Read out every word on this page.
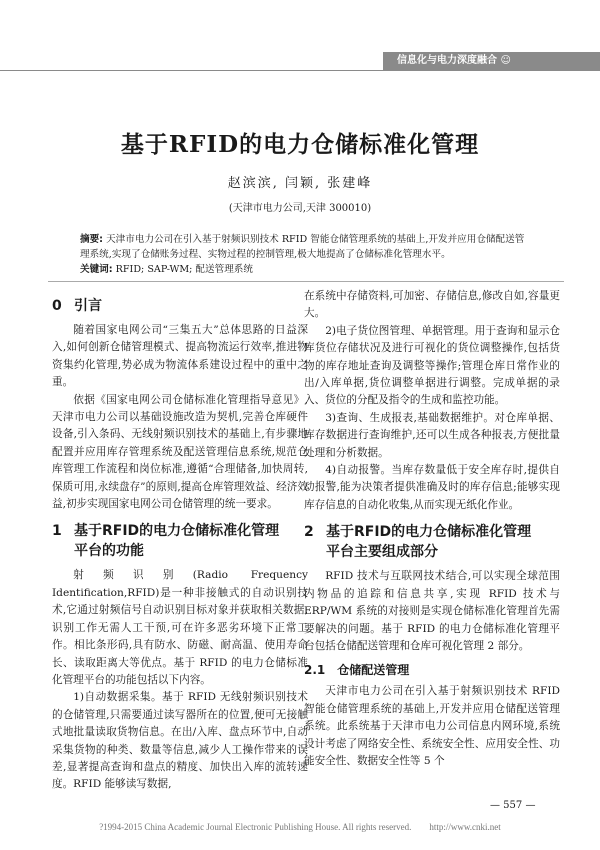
信息化与电力深度融合 ☺
基于RFID的电力仓储标准化管理
赵滨滨, 闫颖, 张建峰
(天津市电力公司,天津 300010)
摘要: 天津市电力公司在引入基于射频识别技术 RFID 智能仓储管理系统的基础上,开发并应用仓储配送管理系统,实现了仓储账务过程、实物过程的控制管理,极大地提高了仓储标准化管理水平。
关键词: RFID; SAP-WM; 配送管理系统
0 引言

随着国家电网公司“三集五大”总体思路的日益深入,如何创新仓储管理模式、提高物流运行效率,推进物资集约化管理,势必成为物流体系建设过程中的重中之重。

依据《国家电网公司仓储标准化管理指导意见》,天津市电力公司以基础设施改造为契机,完善仓库硬件设备,引入条码、无线射频识别技术的基础上,有步骤地配置并应用库存管理系统及配送管理信息系统,规范仓库管理工作流程和岗位标准,遵循“合理储备,加快周转,保质可用,永续盘存”的原则,提高仓库管理效益、经济效益,初步实现国家电网公司仓储管理的统一要求。

1 基于RFID的电力仓储标准化管理
平台的功能

射频识别(Radio Frequency Identification,RFID)是一种非接触式的自动识别技术,它通过射频信号自动识别目标对象并获取相关数据,识别工作无需人工干预,可在许多恶劣环境下正常工作。相比条形码,具有防水、防磁、耐高温、使用寿命长、读取距离大等优点。基于 RFID 的电力仓储标准化管理平台的功能包括以下内容。

1)自动数据采集。基于 RFID 无线射频识别技术的仓储管理,只需要通过读写器所在的位置,便可无接触式地批量读取货物信息。在出/入库、盘点环节中,自动采集货物的种类、数量等信息,减少人工操作带来的误差,显著提高查询和盘点的精度、加快出入库的流转速度。RFID 能够读写数据,

在系统中存储资料,可加密、存储信息,修改自如,容量更大。

2)电子货位图管理、单据管理。用于查询和显示仓库货位存储状况及进行可视化的货位调整操作,包括货物的库存地址查询及调整等操作;管理仓库日常作业的出/入库单据,货位调整单据进行调整。完成单据的录入、货位的分配及指令的生成和监控功能。

3)查询、生成报表,基础数据维护。对仓库单据、库存数据进行查询维护,还可以生成各种报表,方便批量处理和分析数据。

4)自动报警。当库存数量低于安全库存时,提供自动报警,能为决策者提供准确及时的库存信息;能够实现库存信息的自动化收集,从而实现无纸化作业。

2 基于RFID的电力仓储标准化管理
平台主要组成部分

RFID 技术与互联网技术结合,可以实现全球范围内物品的追踪和信息共享,实现 RFID 技术与 ERP/WM 系统的对接则是实现仓储标准化管理首先需要解决的问题。基于 RFID 的电力仓储标准化管理平台包括仓储配送管理和仓库可视化管理 2 部分。

2.1　仓储配送管理

天津市电力公司在引入基于射频识别技术 RFID 智能仓储管理系统的基础上,开发并应用仓储配送管理系统。此系统基于天津市电力公司信息内网环境,系统设计考虑了网络安全性、系统安全性、应用安全性、功能安全性、数据安全性等 5 个

— 557 —
?1994-2015 China Academic Journal Electronic Publishing House. All rights reserved.　　http://www.cnki.net
